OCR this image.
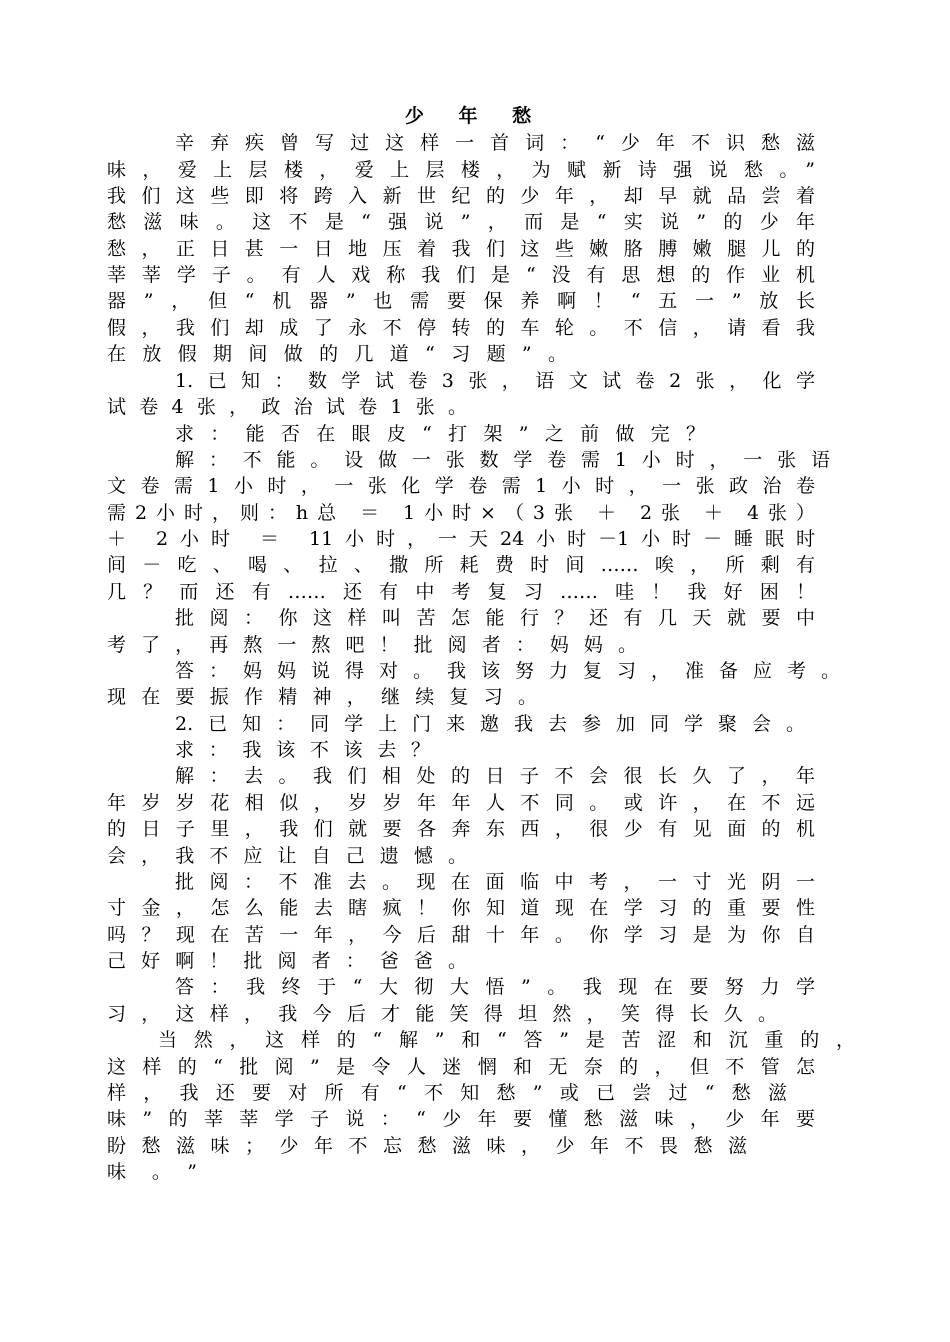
少 年 愁
辛弃疾曾写过这样一首词：“少年不识愁滋
味，爱上层楼，爱上层楼，为赋新诗强说愁。”
我们这些即将跨入新世纪的少年，却早就品尝着
愁滋味。这不是“强说”，而是“实说”的少年
愁，正日甚一日地压着我们这些嫩胳膊嫩腿儿的
莘莘学子。有人戏称我们是“没有思想的作业机
器”，但“机器”也需要保养啊！“五一”放长
假，我们却成了永不停转的车轮。不信，请看我
在放假期间做的几道“习题”。
1.已知：数学试卷3张，语文试卷2张，化学
试卷4张，政治试卷1张。
求：能否在眼皮“打架”之前做完？
解：不能。设做一张数学卷需1小时，一张语
文卷需1小时，一张化学卷需1小时，一张政治卷
需2小时，则：h总 ＝ 1小时×（3张 ＋ 2张 ＋ 4张）
＋ 2小时 ＝ 11小时，一天24小时－1小时－睡眠时
间－吃、喝、拉、撒所耗费时间……唉，所剩有
几？而还有……还有中考复习……哇！我好困！
批阅：你这样叫苦怎能行？还有几天就要中
考了，再熬一熬吧！批阅者：妈妈。
答：妈妈说得对。我该努力复习，准备应考。
现在要振作精神，继续复习。
2.已知：同学上门来邀我去参加同学聚会。
求：我该不该去？
解：去。我们相处的日子不会很长久了，年
年岁岁花相似，岁岁年年人不同。或许，在不远
的日子里，我们就要各奔东西，很少有见面的机
会，我不应让自己遗憾。
批阅：不准去。现在面临中考，一寸光阴一
寸金，怎么能去瞎疯！你知道现在学习的重要性
吗？现在苦一年，今后甜十年。你学习是为你自
己好啊！批阅者：爸爸。
答：我终于“大彻大悟”。我现在要努力学
习，这样，我今后才能笑得坦然，笑得长久。
当然，这样的“解”和“答”是苦涩和沉重的，
这样的“批阅”是令人迷惘和无奈的，但不管怎
样，我还要对所有“不知愁”或已尝过“愁滋
味”的莘莘学子说：“少年要懂愁滋味，少年要
盼愁滋味；少年不忘愁滋味，少年不畏愁滋
味。”
